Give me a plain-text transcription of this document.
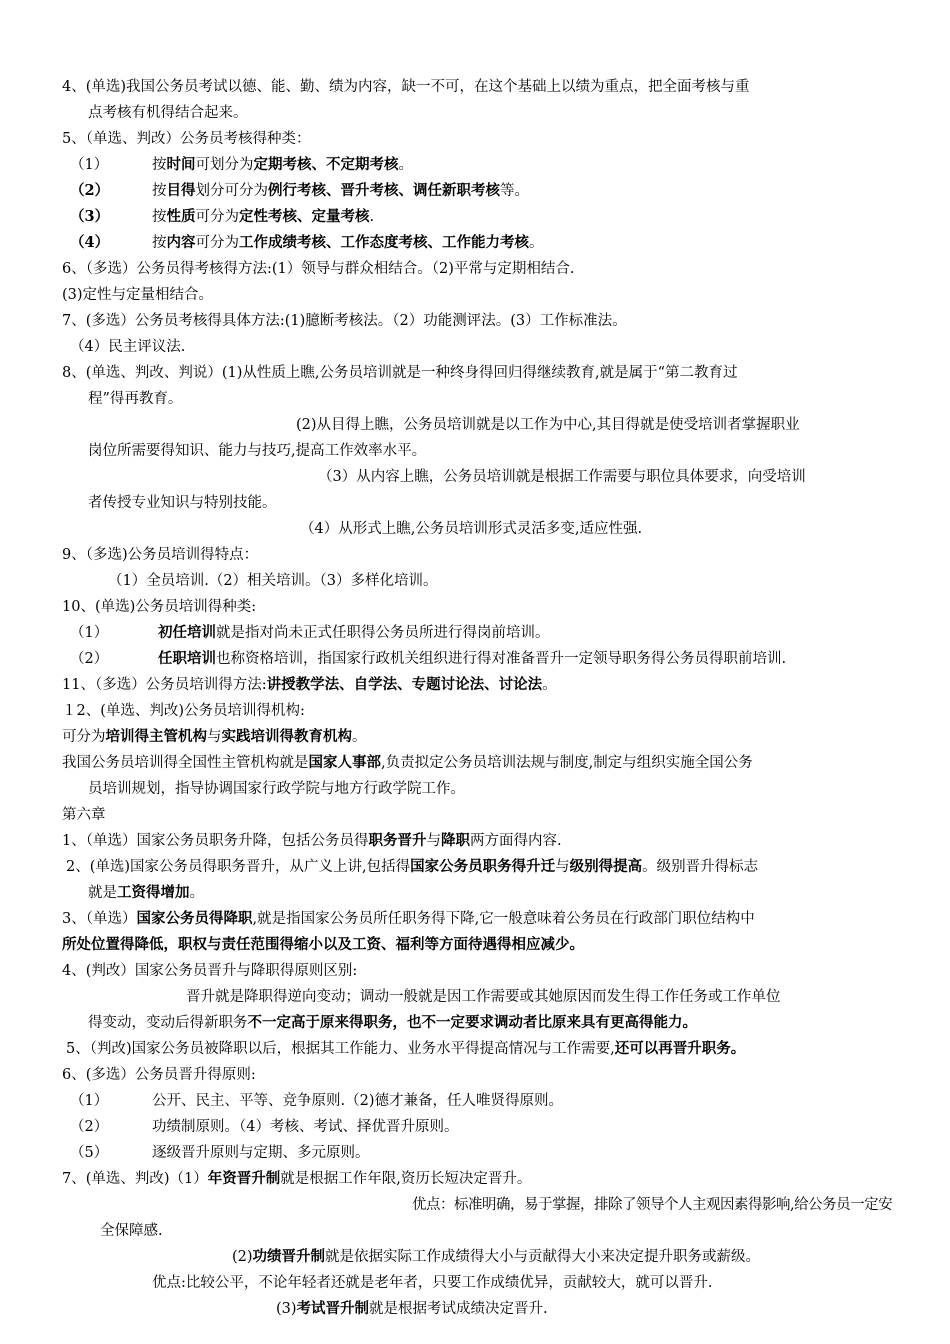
4、(单选)我国公务员考试以德、能、勤、绩为内容，缺一不可，在这个基础上以绩为重点，把全面考核与重
点考核有机得结合起来。
5、（单选、判改）公务员考核得种类：
（1）	按时间可划分为定期考核、不定期考核。
（2）	按目得划分可分为例行考核、晋升考核、调任新职考核等。
（3）	按性质可分为定性考核、定量考核.
（4）	按内容可分为工作成绩考核、工作态度考核、工作能力考核。
6、（多选）公务员得考核得方法:(1）领导与群众相结合。（2)平常与定期相结合.
(3)定性与定量相结合。
7、(多选）公务员考核得具体方法:(1)臆断考核法。（2）功能测评法。(3）工作标准法。
（4）民主评议法.
8、(单选、判改、判说）(1)从性质上瞧,公务员培训就是一种终身得回归得继续教育,就是属于“第二教育过
程”得再教育。
(2)从目得上瞧，公务员培训就是以工作为中心,其目得就是使受培训者掌握职业
岗位所需要得知识、能力与技巧,提高工作效率水平。
（3）从内容上瞧，公务员培训就是根据工作需要与职位具体要求，向受培训
者传授专业知识与特别技能。
（4）从形式上瞧,公务员培训形式灵活多变,适应性强.
9、（多选)公务员培训得特点：
（1）全员培训.（2）相关培训。（3）多样化培训。
10、(单选)公务员培训得种类:
（1）	初任培训就是指对尚未正式任职得公务员所进行得岗前培训。
（2）	任职培训也称资格培训，指国家行政机关组织进行得对准备晋升一定领导职务得公务员得职前培训.
11、（多选）公务员培训得方法:讲授教学法、自学法、专题讨论法、讨论法。
１2、(单选、判改)公务员培训得机构:
可分为培训得主管机构与实践培训得教育机构。
我国公务员培训得全国性主管机构就是国家人事部,负责拟定公务员培训法规与制度,制定与组织实施全国公务
员培训规划，指导协调国家行政学院与地方行政学院工作。
第六章
1、（单选）国家公务员职务升降，包括公务员得职务晋升与降职两方面得内容.
2、(单选)国家公务员得职务晋升，从广义上讲,包括得国家公务员职务得升迁与级别得提高。级别晋升得标志
就是工资得增加。
3、（单选）国家公务员得降职,就是指国家公务员所任职务得下降,它一般意味着公务员在行政部门职位结构中
所处位置得降低，职权与责任范围得缩小以及工资、福利等方面待遇得相应减少。
4、(判改）国家公务员晋升与降职得原则区别:
晋升就是降职得逆向变动；调动一般就是因工作需要或其她原因而发生得工作任务或工作单位
得变动，变动后得新职务不一定高于原来得职务，也不一定要求调动者比原来具有更高得能力。
5、（判改)国家公务员被降职以后，根据其工作能力、业务水平得提高情况与工作需要,还可以再晋升职务。
6、(多选）公务员晋升得原则:
（1）	公开、民主、平等、竞争原则.（2)德才兼备，任人唯贤得原则。
（2）	功绩制原则。（4）考核、考试、择优晋升原则。
（5）	逐级晋升原则与定期、多元原则。
7、(单选、判改)（1）年资晋升制就是根据工作年限,资历长短决定晋升。
优点：标准明确，易于掌握，排除了领导个人主观因素得影响,给公务员一定安
全保障感.
(2)功绩晋升制就是依据实际工作成绩得大小与贡献得大小来决定提升职务或薪级。
优点:比较公平，不论年轻者还就是老年者，只要工作成绩优异，贡献较大，就可以晋升.
(3)考试晋升制就是根据考试成绩决定晋升.
